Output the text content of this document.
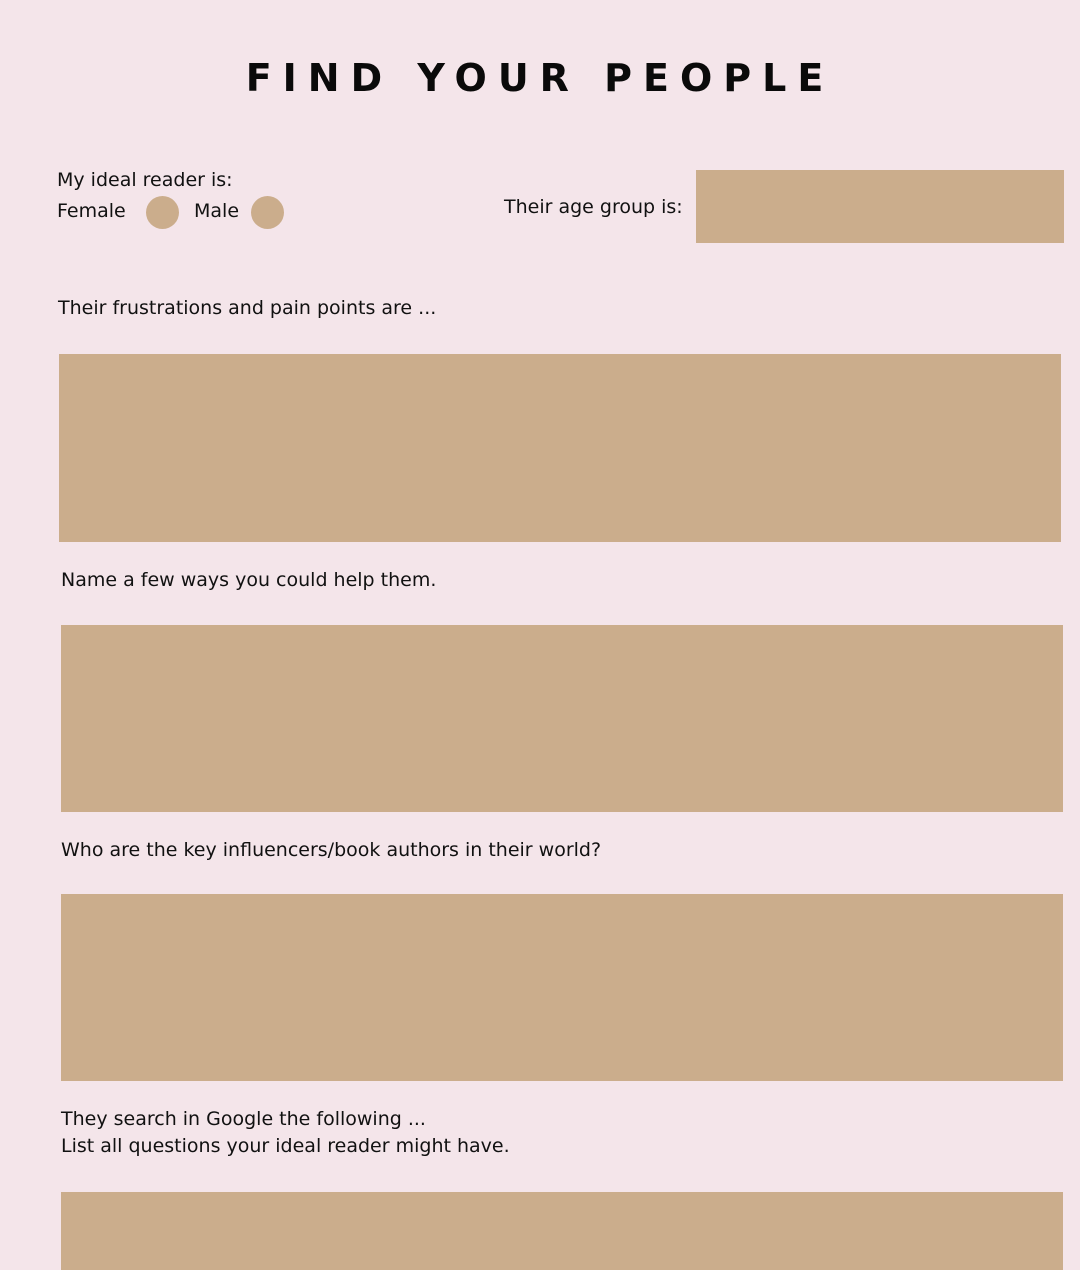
FIND YOUR PEOPLE

My ideal reader is:

Female	Male	Their age group is:

Their frustrations and pain points are ...

Name a few ways you could help them.

Who are the key influencers/book authors in their world?

They search in Google the following ...

List all questions your ideal reader might have.
